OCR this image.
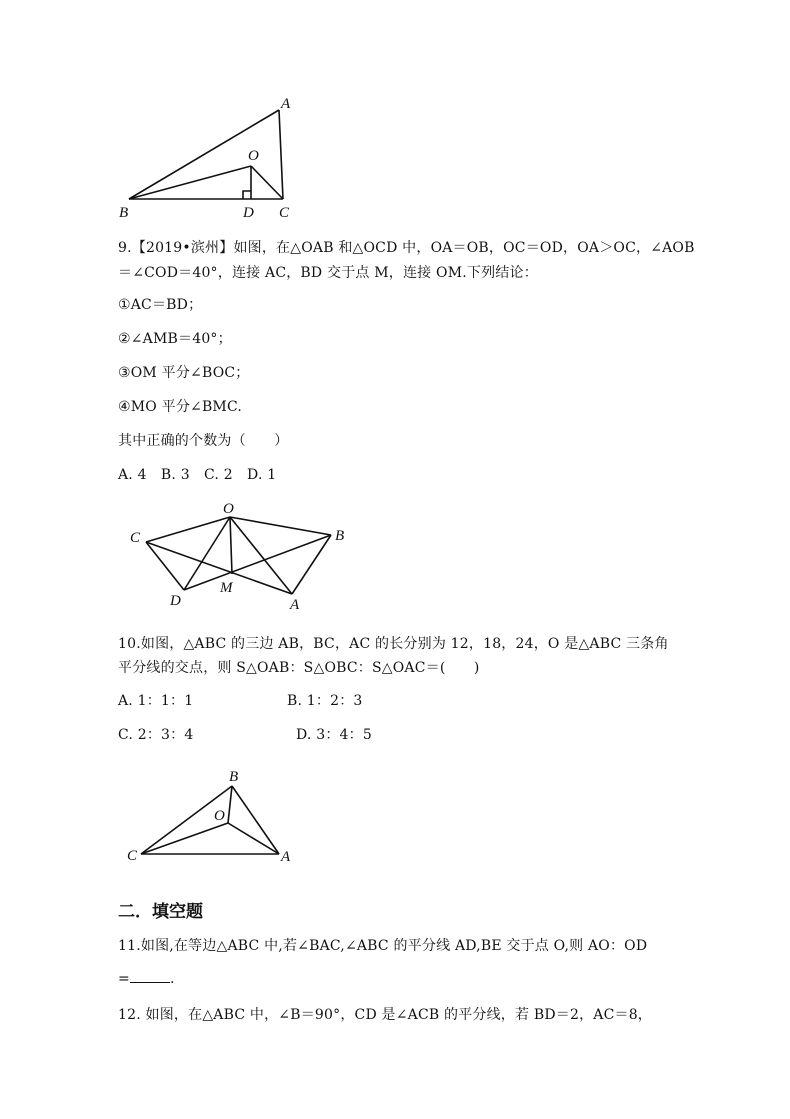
A
O
B	D C
9.【2019•滨州】如图，在△OAB 和△OCD 中，OA＝OB，OC＝OD，OA＞OC，∠AOB
＝∠COD＝40°，连接 AC，BD 交于点 M，连接 OM.下列结论：
①AC＝BD；
②∠AMB＝40°；
③OM 平分∠BOC；
④MO 平分∠BMC.
其中正确的个数为（　　）
A. 4　B. 3　C. 2　D. 1
O
C	B
D
M
A
10.如图，△ABC 的三边 AB，BC，AC 的长分别为 12，18，24，O 是△ABC 三条角
平分线的交点，则 S△OAB：S△OBC：S△OAC＝(　　)
A. 1：1：1	B. 1：2：3
C. 2：3：4	D. 3：4：5
B
O
C	A
二．填空题
11.如图,在等边△ABC 中,若∠BAC,∠ABC 的平分线 AD,BE 交于点 O,则 AO：OD
=	.
12. 如图，在△ABC 中，∠B＝90°，CD 是∠ACB 的平分线，若 BD＝2，AC＝8，
